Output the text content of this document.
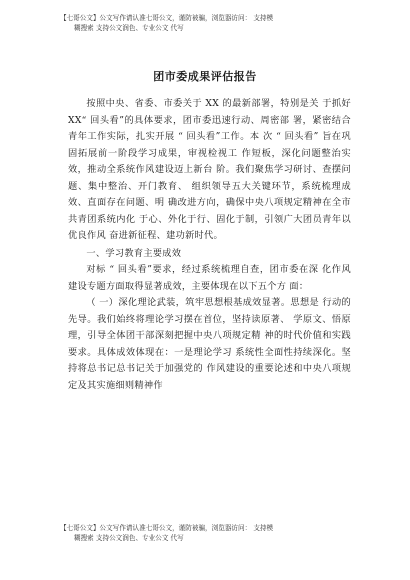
【七哥公文】公文写作请认准七哥公文，谨防被骗，浏览器访问： 支持模
糊搜索 支持公文润色、专业公文 代写
团市委成果评估报告

按照中央、省委、市委关于 XX 的最新部署，特别是关 于抓好 XX“ 回头看”的具体要求，团市委迅速行动、周密部 署，紧密结合青年工作实际，扎实开展 “ 回头看”工作。本 次 “ 回头看” 旨在巩固拓展前一阶段学习成果，审视检视工 作短板，深化问题整治实效，推动全系统作风建设迈上新台 阶。我们聚焦学习研讨、查摆问题、集中整治、开门教育、 组织领导五大关键环节，系统梳理成效、直面存在问题、明 确改进方向，确保中央八项规定精神在全市共青团系统内化 于心、外化于行、固化于制，引领广大团员青年以优良作风 奋进新征程、建功新时代。

一、学习教育主要成效

对标 “ 回头看”要求，经过系统梳理自查，团市委在深 化作风建设专题方面取得显著成效，主要体现在以下五个方 面：

（ 一）深化理论武装，筑牢思想根基成效显著。思想是 行动的先导。我们始终将理论学习摆在首位，坚持读原著、 学原文、悟原理，引导全体团干部深刻把握中央八项规定精 神的时代价值和实践要求。具体成效体现在：一是理论学习 系统性全面性持续深化。坚持将总书记总书记关于加强党的 作风建设的重要论述和中央八项规定及其实施细则精神作

【七哥公文】公文写作请认准七哥公文，谨防被骗，浏览器访问： 支持模
糊搜索 支持公文润色、专业公文 代写
